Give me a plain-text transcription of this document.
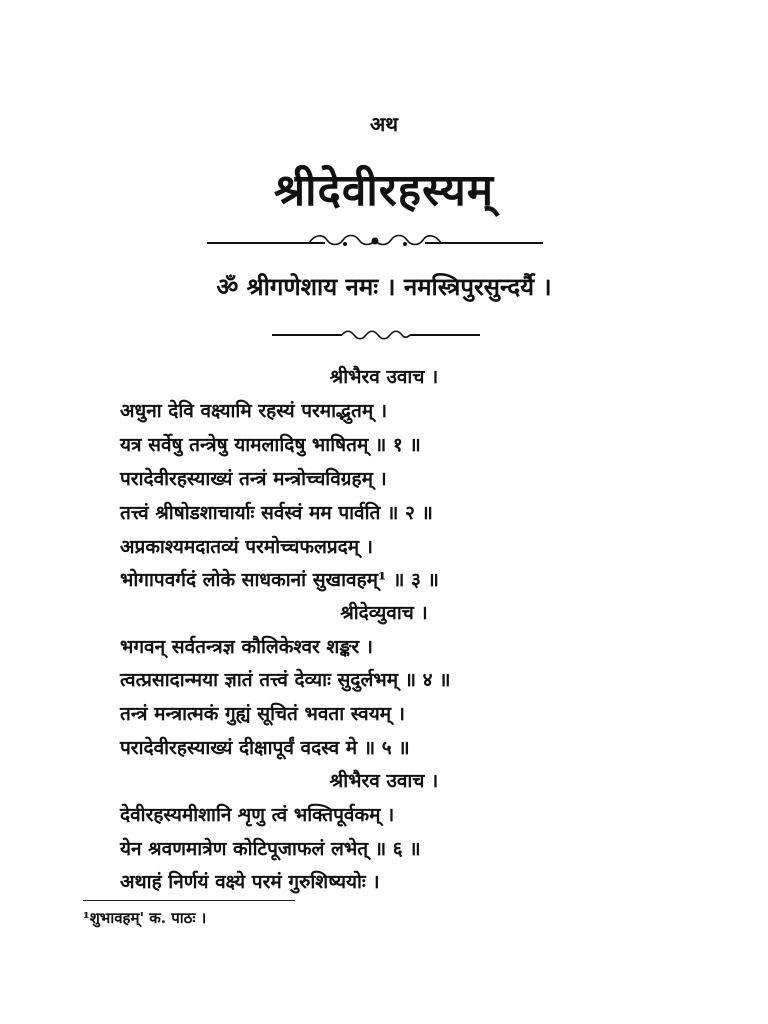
अथ
श्रीदेवीरहस्यम्
ॐ श्रीगणेशाय नमः । नमस्त्रिपुरसुन्दर्यै ।
श्रीभैरव उवाच ।
अधुना देवि वक्ष्यामि रहस्यं परमाद्भुतम् ।
यत्र सर्वेषु तन्त्रेषु यामलादिषु भाषितम् ॥ १ ॥
परादेवीरहस्याख्यं तन्त्रं मन्त्रोच्चविग्रहम् ।
तत्त्वं श्रीषोडशाचार्याः सर्वस्वं मम पार्वति ॥ २ ॥
अप्रकाश्यमदातव्यं परमोच्चफलप्रदम् ।
भोगापवर्गदं लोके साधकानां सुखावहम्¹ ॥ ३ ॥
श्रीदेव्युवाच ।
भगवन् सर्वतन्त्रज्ञ कौलिकेश्वर शङ्कर ।
त्वत्प्रसादान्मया ज्ञातं तत्त्वं देव्याः सुदुर्लभम् ॥ ४ ॥
तन्त्रं मन्त्रात्मकं गुह्यं सूचितं भवता स्वयम् ।
परादेवीरहस्याख्यं दीक्षापूर्वं वदस्व मे ॥ ५ ॥
श्रीभैरव उवाच ।
देवीरहस्यमीशानि शृणु त्वं भक्तिपूर्वकम् ।
येन श्रवणमात्रेण कोटिपूजाफलं लभेत् ॥ ६ ॥
अथाहं निर्णयं वक्ष्ये परमं गुरुशिष्ययोः ।
¹शुभावहम्' क. पाठः ।
